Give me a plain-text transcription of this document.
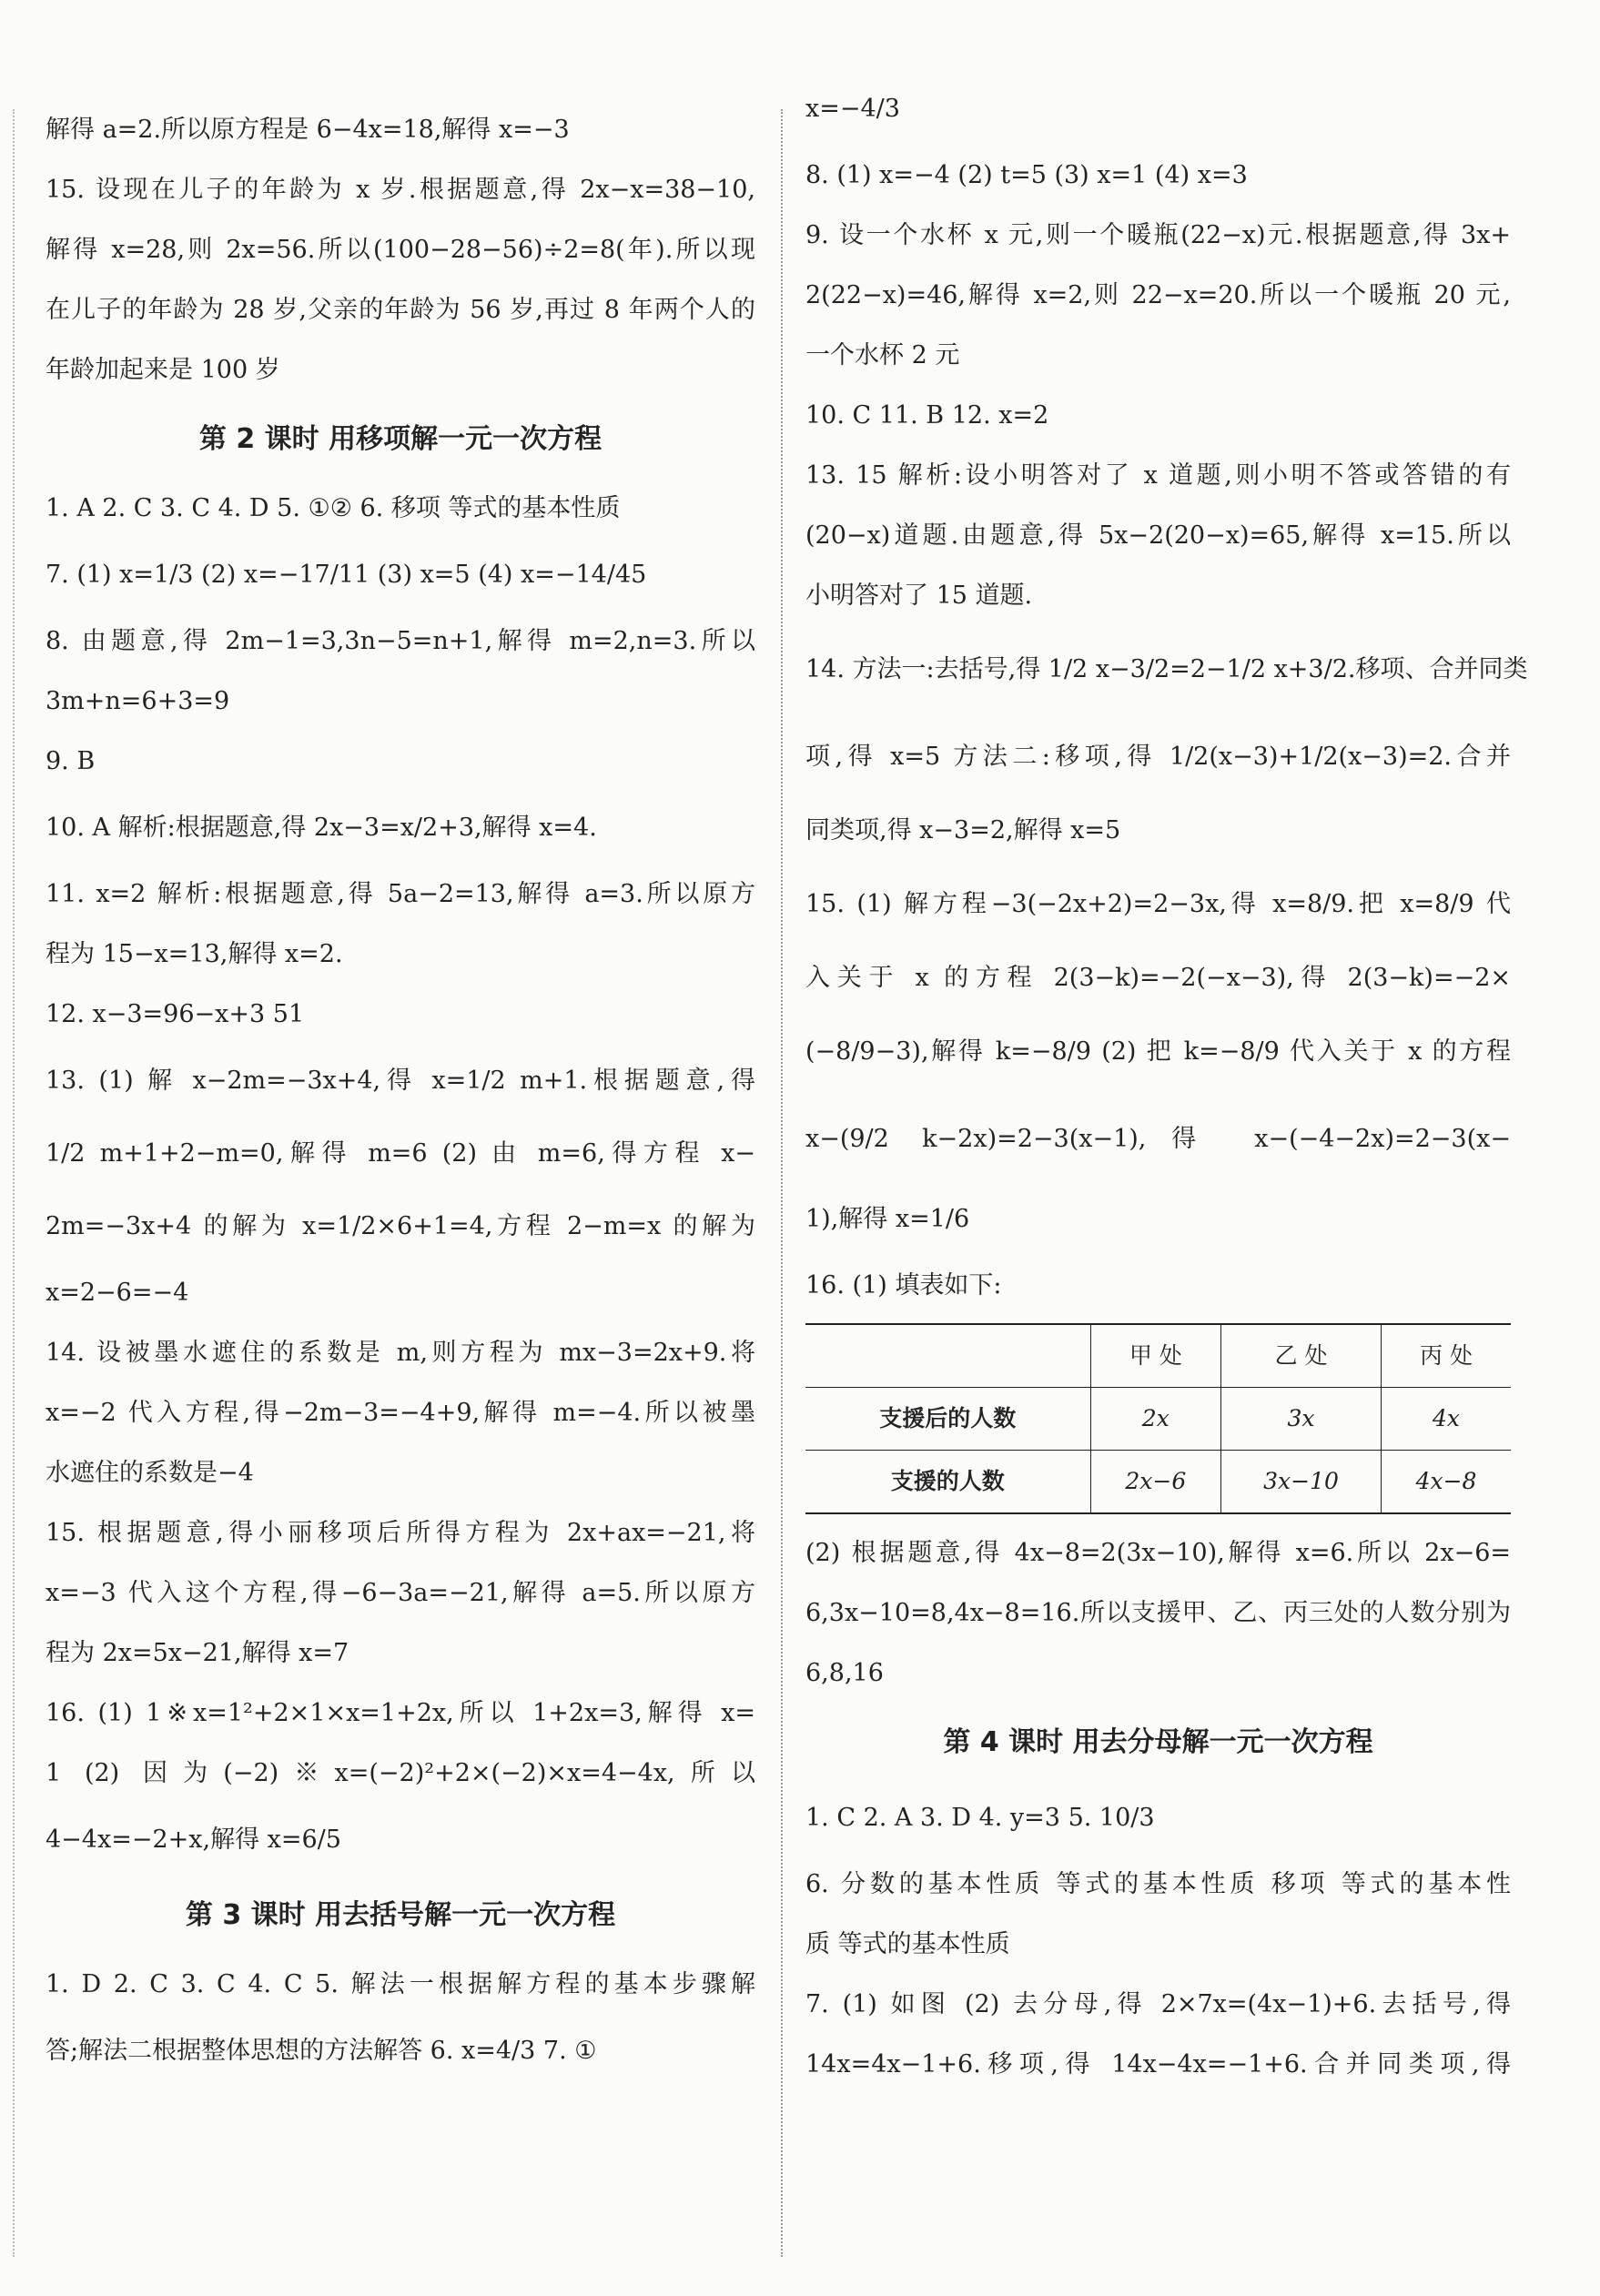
解得 a=2.所以原方程是 6−4x=18,解得 x=−3
15. 设现在儿子的年龄为 x 岁.根据题意,得 2x−x=38−10,
解得 x=28,则 2x=56.所以(100−28−56)÷2=8(年).所以现
在儿子的年龄为 28 岁,父亲的年龄为 56 岁,再过 8 年两个人的
年龄加起来是 100 岁
第 2 课时 用移项解一元一次方程
1. A 2. C 3. C 4. D 5. ①② 6. 移项 等式的基本性质
7. (1) x=1/3 (2) x=−17/11 (3) x=5 (4) x=−14/45
8. 由题意,得 2m−1=3,3n−5=n+1,解得 m=2,n=3.所以
3m+n=6+3=9
9. B
10. A 解析:根据题意,得 2x−3=x/2+3,解得 x=4.
11. x=2 解析:根据题意,得 5a−2=13,解得 a=3.所以原方
程为 15−x=13,解得 x=2.
12. x−3=96−x+3 51
13. (1) 解 x−2m=−3x+4,得 x=1/2 m+1.根据题意,得
1/2 m+1+2−m=0,解得 m=6 (2) 由 m=6,得方程 x−
2m=−3x+4 的解为 x=1/2×6+1=4,方程 2−m=x 的解为
x=2−6=−4
14. 设被墨水遮住的系数是 m,则方程为 mx−3=2x+9.将
x=−2 代入方程,得−2m−3=−4+9,解得 m=−4.所以被墨
水遮住的系数是−4
15. 根据题意,得小丽移项后所得方程为 2x+ax=−21,将
x=−3 代入这个方程,得−6−3a=−21,解得 a=5.所以原方
程为 2x=5x−21,解得 x=7
16. (1) 1※x=1²+2×1×x=1+2x,所以 1+2x=3,解得 x=
1 (2) 因为(−2)※x=(−2)²+2×(−2)×x=4−4x,所以
4−4x=−2+x,解得 x=6/5
第 3 课时 用去括号解一元一次方程
1. D 2. C 3. C 4. C 5. 解法一根据解方程的基本步骤解
答;解法二根据整体思想的方法解答 6. x=4/3 7. ①
x=−4/3
8. (1) x=−4 (2) t=5 (3) x=1 (4) x=3
9. 设一个水杯 x 元,则一个暖瓶(22−x)元.根据题意,得 3x+
2(22−x)=46,解得 x=2,则 22−x=20.所以一个暖瓶 20 元,
一个水杯 2 元
10. C 11. B 12. x=2
13. 15 解析:设小明答对了 x 道题,则小明不答或答错的有
(20−x)道题.由题意,得 5x−2(20−x)=65,解得 x=15.所以
小明答对了 15 道题.
14. 方法一:去括号,得 1/2 x−3/2=2−1/2 x+3/2.移项、合并同类
项,得 x=5 方法二:移项,得 1/2(x−3)+1/2(x−3)=2.合并
同类项,得 x−3=2,解得 x=5
15. (1) 解方程−3(−2x+2)=2−3x,得 x=8/9.把 x=8/9 代
入关于 x 的方程 2(3−k)=−2(−x−3),得 2(3−k)=−2×
(−8/9−3),解得 k=−8/9 (2) 把 k=−8/9 代入关于 x 的方程
x−(9/2 k−2x)=2−3(x−1),得 x−(−4−2x)=2−3(x−
1),解得 x=1/6
16. (1) 填表如下:
	甲 处	乙 处	丙 处
支援后的人数	2x	3x	4x
支援的人数	2x−6	3x−10	4x−8
(2) 根据题意,得 4x−8=2(3x−10),解得 x=6.所以 2x−6=
6,3x−10=8,4x−8=16.所以支援甲、乙、丙三处的人数分别为
6,8,16
第 4 课时 用去分母解一元一次方程
1. C 2. A 3. D 4. y=3 5. 10/3
6. 分数的基本性质 等式的基本性质 移项 等式的基本性
质 等式的基本性质
7. (1) 如图 (2) 去分母,得 2×7x=(4x−1)+6.去括号,得
14x=4x−1+6.移项,得 14x−4x=−1+6.合并同类项,得
